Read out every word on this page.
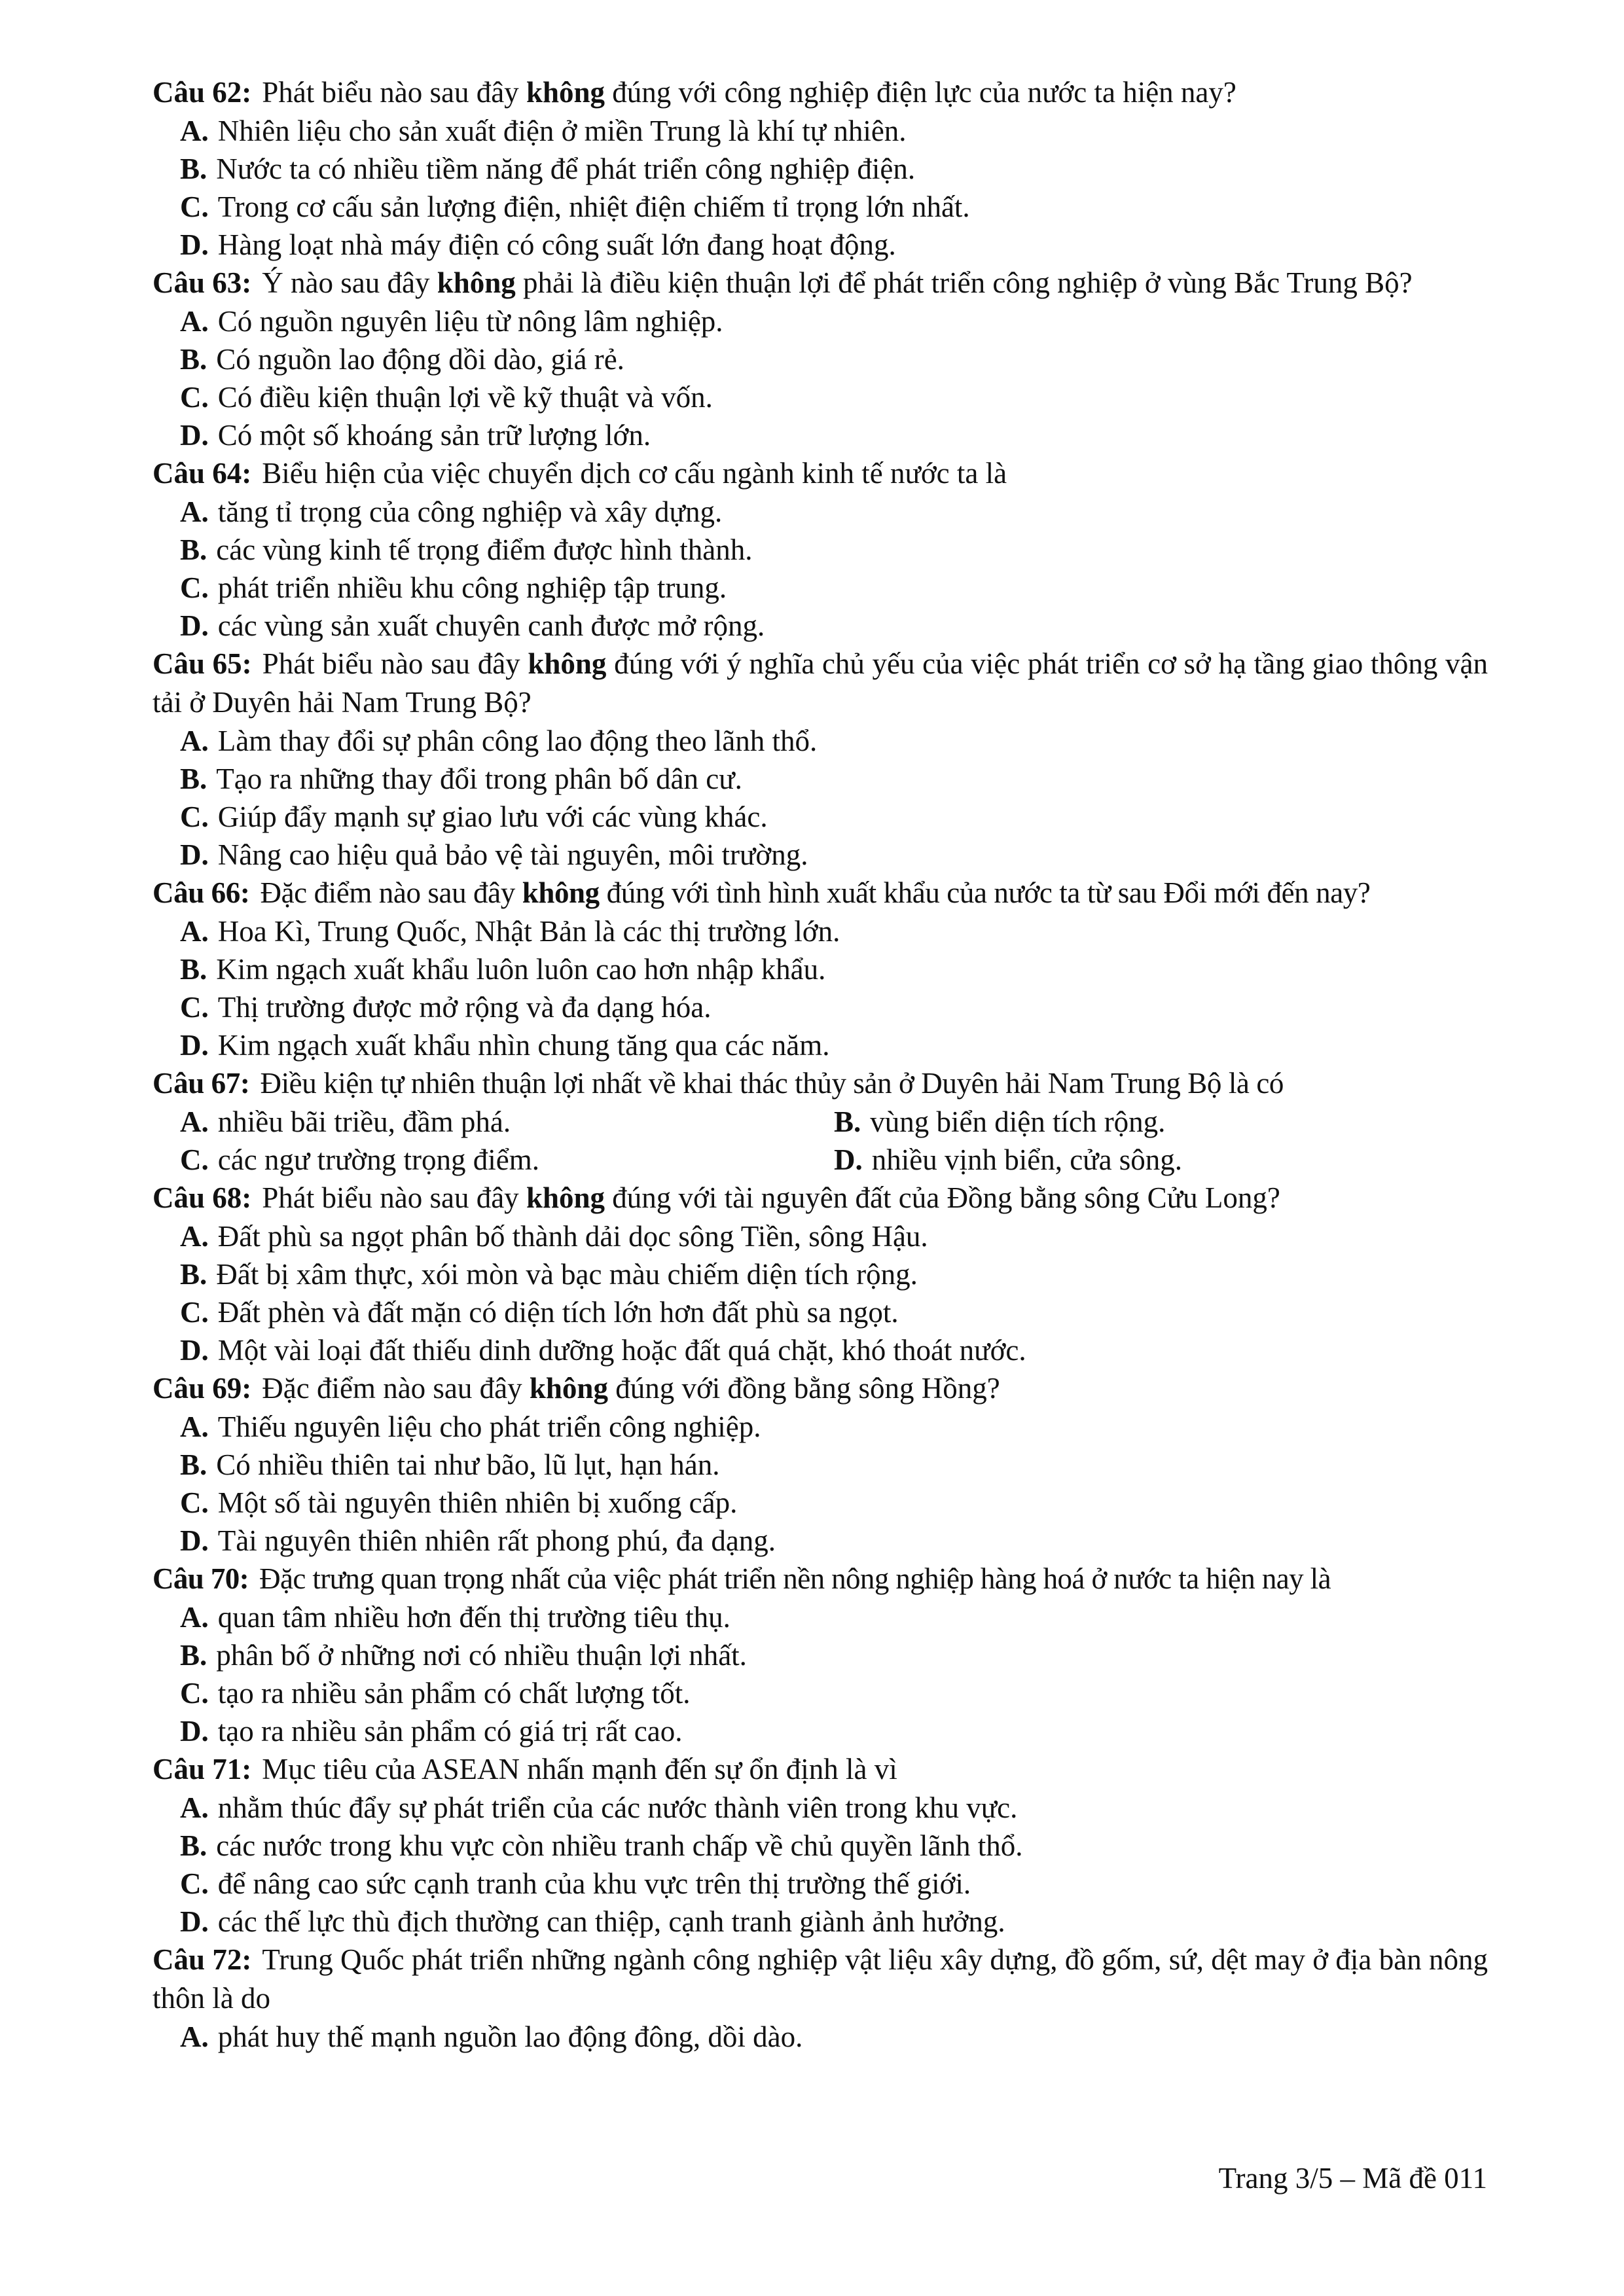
Câu 62: Phát biểu nào sau đây không đúng với công nghiệp điện lực của nước ta hiện nay?
A. Nhiên liệu cho sản xuất điện ở miền Trung là khí tự nhiên.
B. Nước ta có nhiều tiềm năng để phát triển công nghiệp điện.
C. Trong cơ cấu sản lượng điện, nhiệt điện chiếm tỉ trọng lớn nhất.
D. Hàng loạt nhà máy điện có công suất lớn đang hoạt động.
Câu 63: Ý nào sau đây không phải là điều kiện thuận lợi để phát triển công nghiệp ở vùng Bắc Trung Bộ?
A. Có nguồn nguyên liệu từ nông lâm nghiệp.
B. Có nguồn lao động dồi dào, giá rẻ.
C. Có điều kiện thuận lợi về kỹ thuật và vốn.
D. Có một số khoáng sản trữ lượng lớn.
Câu 64: Biểu hiện của việc chuyển dịch cơ cấu ngành kinh tế nước ta là
A. tăng tỉ trọng của công nghiệp và xây dựng.
B. các vùng kinh tế trọng điểm được hình thành.
C. phát triển nhiều khu công nghiệp tập trung.
D. các vùng sản xuất chuyên canh được mở rộng.
Câu 65: Phát biểu nào sau đây không đúng với ý nghĩa chủ yếu của việc phát triển cơ sở hạ tầng giao thông vận tải ở Duyên hải Nam Trung Bộ?
A. Làm thay đổi sự phân công lao động theo lãnh thổ.
B. Tạo ra những thay đổi trong phân bố dân cư.
C. Giúp đẩy mạnh sự giao lưu với các vùng khác.
D. Nâng cao hiệu quả bảo vệ tài nguyên, môi trường.
Câu 66: Đặc điểm nào sau đây không đúng với tình hình xuất khẩu của nước ta từ sau Đổi mới đến nay?
A. Hoa Kì, Trung Quốc, Nhật Bản là các thị trường lớn.
B. Kim ngạch xuất khẩu luôn luôn cao hơn nhập khẩu.
C. Thị trường được mở rộng và đa dạng hóa.
D. Kim ngạch xuất khẩu nhìn chung tăng qua các năm.
Câu 67: Điều kiện tự nhiên thuận lợi nhất về khai thác thủy sản ở Duyên hải Nam Trung Bộ là có
A. nhiều bãi triều, đầm phá.	B. vùng biển diện tích rộng.
C. các ngư trường trọng điểm.	D. nhiều vịnh biển, cửa sông.
Câu 68: Phát biểu nào sau đây không đúng với tài nguyên đất của Đồng bằng sông Cửu Long?
A. Đất phù sa ngọt phân bố thành dải dọc sông Tiền, sông Hậu.
B. Đất bị xâm thực, xói mòn và bạc màu chiếm diện tích rộng.
C. Đất phèn và đất mặn có diện tích lớn hơn đất phù sa ngọt.
D. Một vài loại đất thiếu dinh dưỡng hoặc đất quá chặt, khó thoát nước.
Câu 69: Đặc điểm nào sau đây không đúng với đồng bằng sông Hồng?
A. Thiếu nguyên liệu cho phát triển công nghiệp.
B. Có nhiều thiên tai như bão, lũ lụt, hạn hán.
C. Một số tài nguyên thiên nhiên bị xuống cấp.
D. Tài nguyên thiên nhiên rất phong phú, đa dạng.
Câu 70: Đặc trưng quan trọng nhất của việc phát triển nền nông nghiệp hàng hoá ở nước ta hiện nay là
A. quan tâm nhiều hơn đến thị trường tiêu thụ.
B. phân bố ở những nơi có nhiều thuận lợi nhất.
C. tạo ra nhiều sản phẩm có chất lượng tốt.
D. tạo ra nhiều sản phẩm có giá trị rất cao.
Câu 71: Mục tiêu của ASEAN nhấn mạnh đến sự ổn định là vì
A. nhằm thúc đẩy sự phát triển của các nước thành viên trong khu vực.
B. các nước trong khu vực còn nhiều tranh chấp về chủ quyền lãnh thổ.
C. để nâng cao sức cạnh tranh của khu vực trên thị trường thế giới.
D. các thế lực thù địch thường can thiệp, cạnh tranh giành ảnh hưởng.
Câu 72: Trung Quốc phát triển những ngành công nghiệp vật liệu xây dựng, đồ gốm, sứ, dệt may ở địa bàn nông thôn là do
A. phát huy thế mạnh nguồn lao động đông, dồi dào.
Trang 3/5 – Mã đề 011
